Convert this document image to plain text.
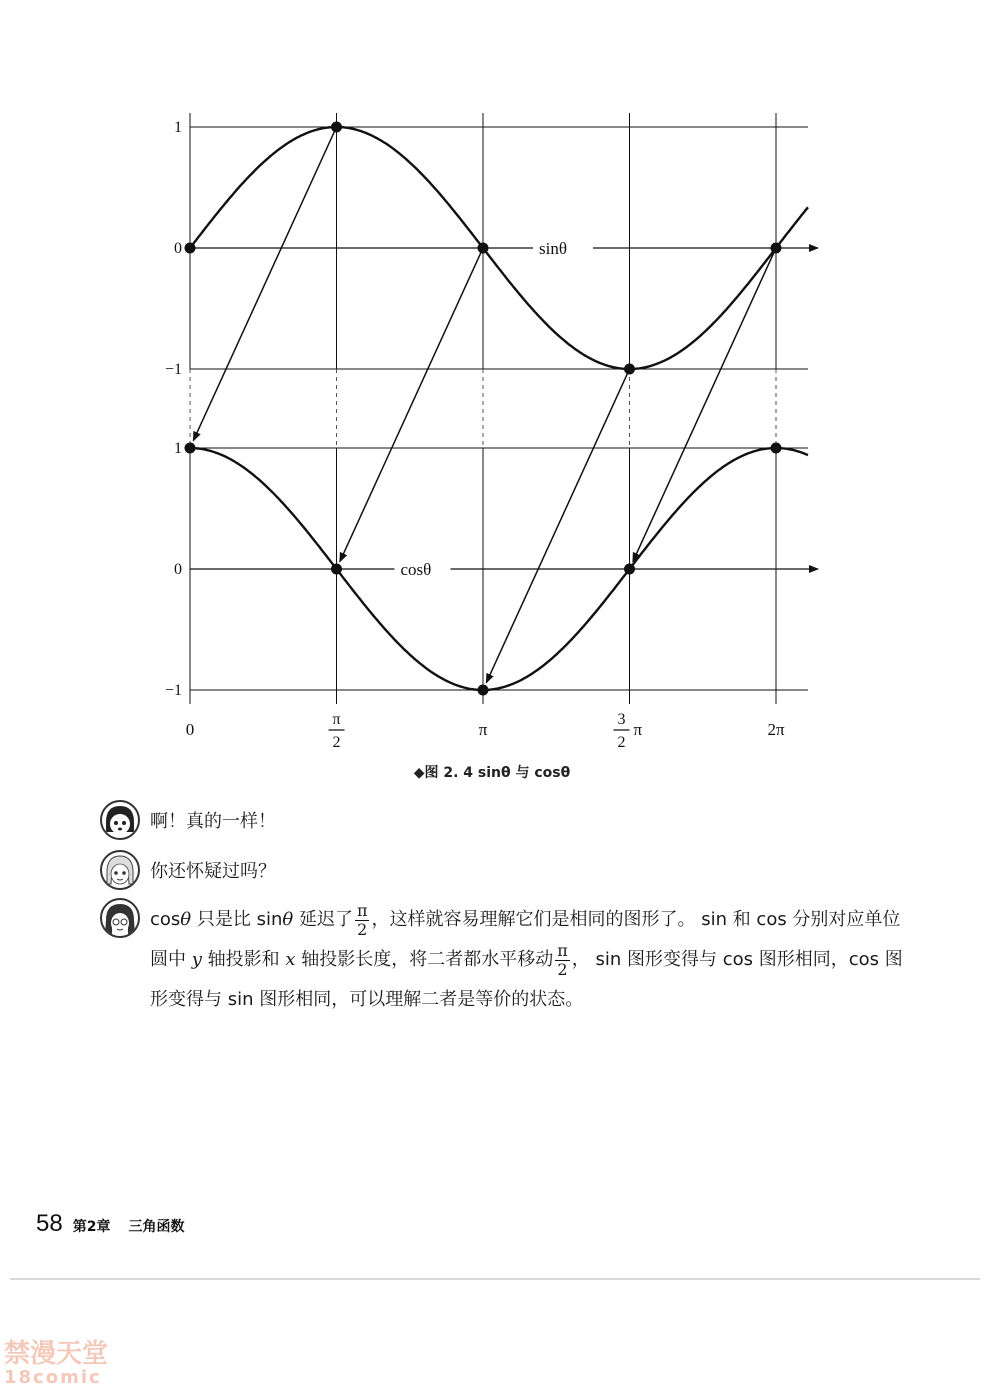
1
0
−1
1
0
−1
sinθ
cosθ
0
π
2
π
3
2
π	2π
◆图 2. 4 sinθ 与 cosθ
啊！真的一样！
你还怀疑过吗？
cosθ 只是比 sinθ 延迟了 $\frac{\pi}{2}$ ，这样就容易理解它们是相同的图形了。 sin 和 cos 分别对应单位圆中 y 轴投影和 x 轴投影长度，将二者都水平移动 $\frac{\pi}{2}$ ， sin 图形变得与 cos 图形相同，cos 图形变得与 sin 图形相同，可以理解二者是等价的状态。
58 第2章 三角函数
禁漫天堂
18comic
